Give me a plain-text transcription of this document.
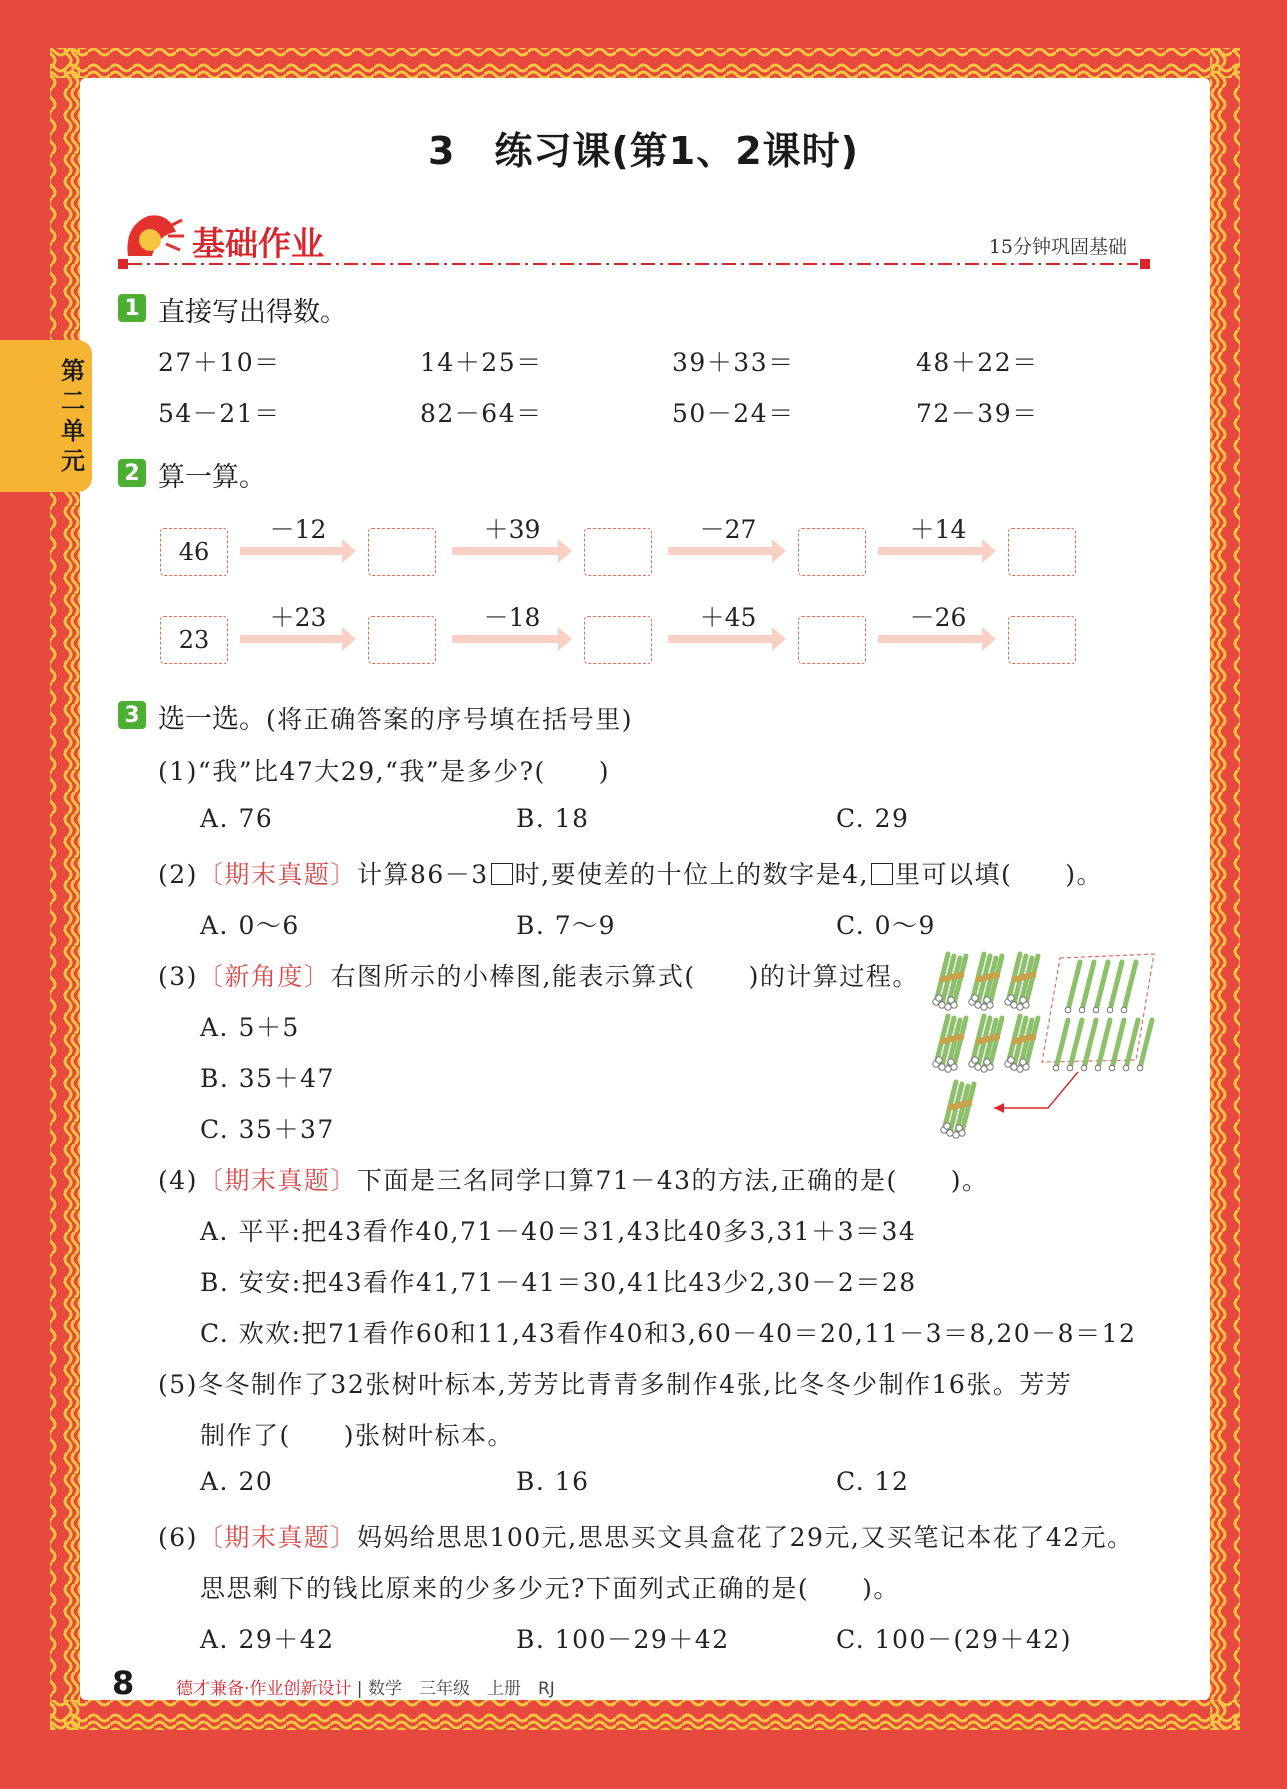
第二单元
3　练习课(第1、2课时)
基础作业	15分钟巩固基础
1 直接写出得数。
27＋10＝	14＋25＝	39＋33＝	48＋22＝
54－21＝	82－64＝	50－24＝	72－39＝
2 算一算。
46
－12	＋39	－27	＋14
23
＋23	－18	＋45	－26
3 选一选。(将正确答案的序号填在括号里)
(1)“我”比47大29,“我”是多少?(　　)
A. 76	B. 18	C. 29
(2)〔期末真题〕计算86－3 时,要使差的十位上的数字是4, 里可以填(　　)。
A. 0～6	B. 7～9	C. 0～9
(3)〔新角度〕右图所示的小棒图,能表示算式(　　)的计算过程。
A. 5＋5
B. 35＋47
C. 35＋37
(4)〔期末真题〕下面是三名同学口算71－43的方法,正确的是(　　)。
A. 平平:把43看作40,71－40＝31,43比40多3,31＋3＝34
B. 安安:把43看作41,71－41＝30,41比43少2,30－2＝28
C. 欢欢:把71看作60和11,43看作40和3,60－40＝20,11－3＝8,20－8＝12
(5)冬冬制作了32张树叶标本,芳芳比青青多制作4张,比冬冬少制作16张。芳芳
制作了(　　)张树叶标本。
A. 20	B. 16	C. 12
(6)〔期末真题〕妈妈给思思100元,思思买文具盒花了29元,又买笔记本花了42元。
思思剩下的钱比原来的少多少元?下面列式正确的是(　　)。
A. 29＋42	B. 100－29＋42	C. 100－(29＋42)
8 德才兼备·作业创新设计 | 数学　三年级　上册　RJ
